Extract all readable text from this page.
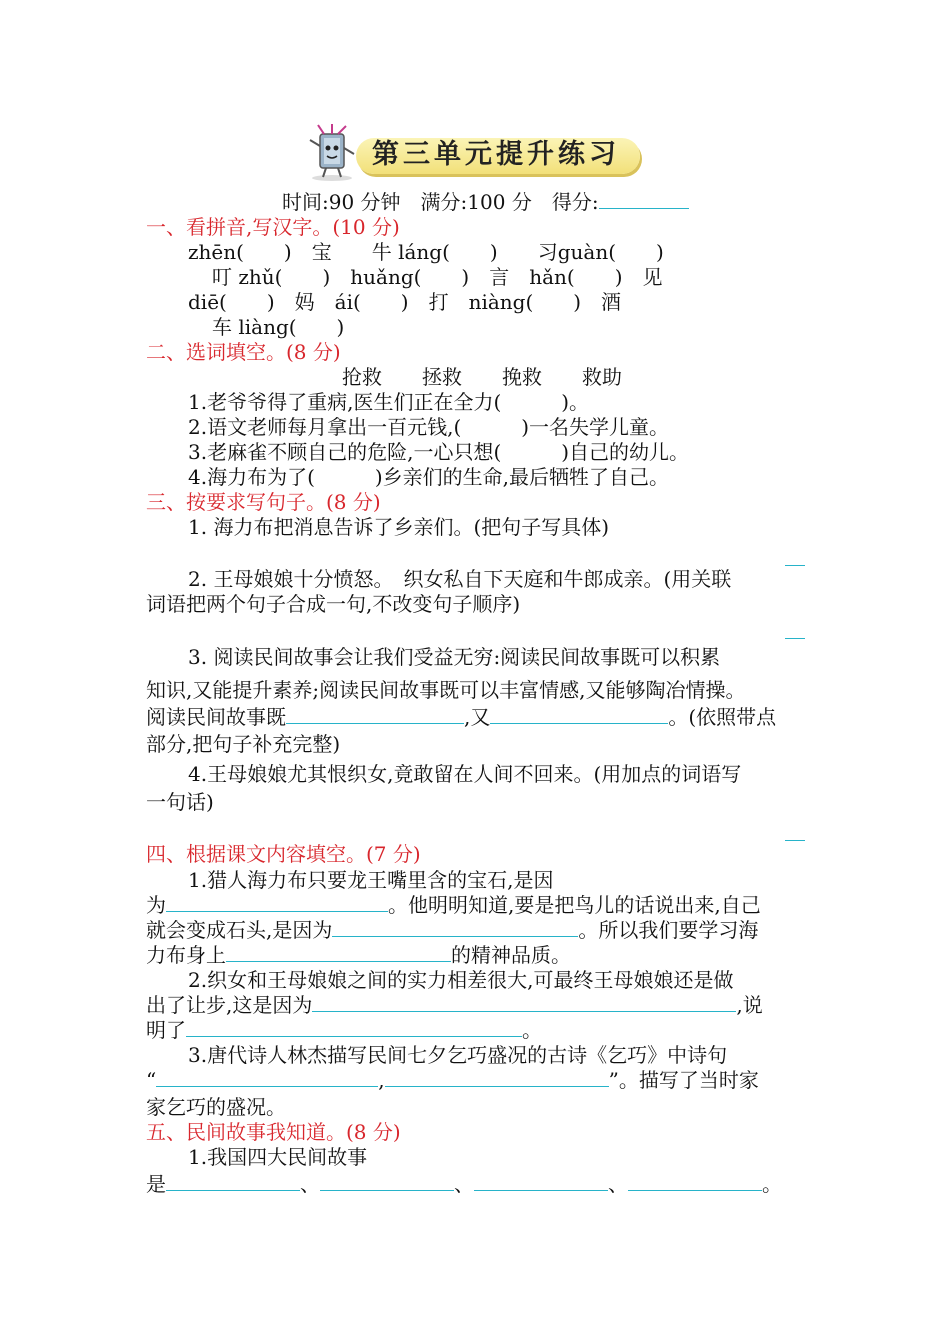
第三单元提升练习
时间:90 分钟　 满分:100 分　 得分:
一、看拼音,写汉字。(10 分)
zhēn(　　)　宝　　牛 láng(　　)　　习guàn(　　)
叮 zhǔ(　　)　huǎng(　　)　言　hǎn(　　)　见
diē(　　)　妈　ái(　　)　打　niàng(　　)　酒
车 liàng(　　)
二、选词填空。(8 分)
抢救　　拯救　　挽救　　救助
1.老爷爷得了重病,医生们正在全力(　　　)。
2.语文老师每月拿出一百元钱,(　　　)一名失学儿童。
3.老麻雀不顾自己的危险,一心只想(　　　)自己的幼儿。
4.海力布为了(　　　)乡亲们的生命,最后牺牲了自己。
三、按要求写句子。(8 分)
1. 海力布把消息告诉了乡亲们。(把句子写具体)
2. 王母娘娘十分愤怒。　织女私自下天庭和牛郎成亲。(用关联
词语把两个句子合成一句,不改变句子顺序)
3. 阅读民间故事会让我们受益无穷:阅读民间故事既可以积累
知识,又能提升素养;阅读民间故事既可以丰富情感,又能够陶冶情操。
阅读民间故事既	,又	。(依照带点
部分,把句子补充完整)
4.王母娘娘尤其恨织女,竟敢留在人间不回来。(用加点的词语写
一句话)
四、根据课文内容填空。(7 分)
1.猎人海力布只要龙王嘴里含的宝石,是因
为	。他明明知道,要是把鸟儿的话说出来,自己
就会变成石头,是因为	。所以我们要学习海
力布身上	的精神品质。
2.织女和王母娘娘之间的实力相差很大,可最终王母娘娘还是做
出了让步,这是因为	,说
明了	。
3.唐代诗人林杰描写民间七夕乞巧盛况的古诗《乞巧》中诗句
“	,	”。描写了当时家
家乞巧的盛况。
五、民间故事我知道。(8 分)
1.我国四大民间故事
是	、	、	、	。
